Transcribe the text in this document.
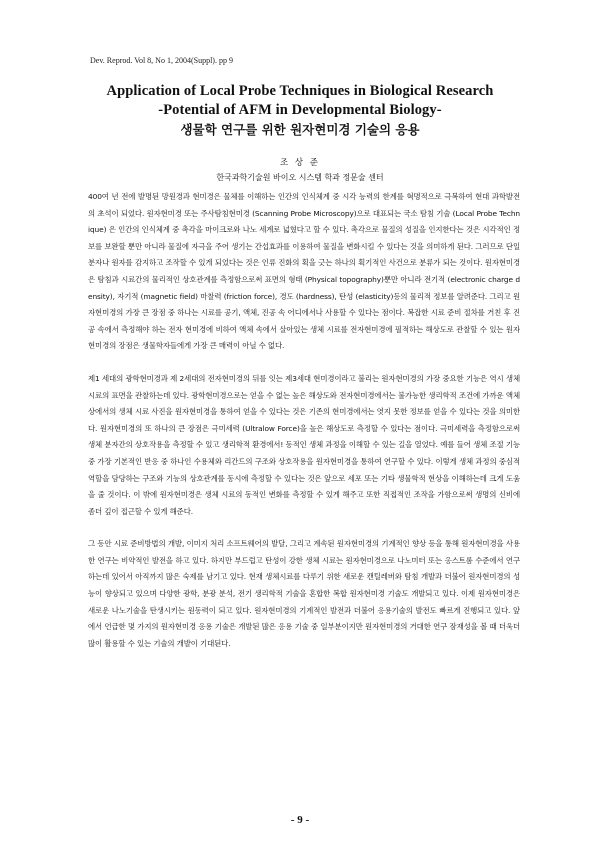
Dev. Reprod. Vol 8, No 1, 2004(Suppl). pp 9
Application of Local Probe Techniques in Biological Research
-Potential of AFM in Developmental Biology-
생물학 연구를 위한 원자현미경 기술의 응용
조 상 준
한국과학기술원 바이오 시스템 학과 정문술 센터

400여 년 전에 발명된 망원경과 현미경은 물체를 이해하는 인간의 인식체계 중 시각 능력의 한계를 혁명적으로 극복하여 현대 과학발전의 초석이 되었다. 원자현미경 또는 주사탐침현미경 (Scanning Probe Microscopy)으로 대표되는 국소 탐침 기술 (Local Probe Technique) 은 인간의 인식체계 중 촉각을 마이크로와 나노 세계로 넓혔다고 할 수 있다. 촉각으로 물질의 성질을 인지한다는 것은 시각적인 정보를 보완할 뿐만 아니라 물질에 자극을 주어 생기는 간섭효과를 이용하여 물질을 변화시킬 수 있다는 것을 의미하게 된다. 그러므로 단일 분자나 원자를 감지하고 조작할 수 있게 되었다는 것은 인류 진화의 획을 긋는 하나의 획기적인 사건으로 분류가 되는 것이다. 원자현미경은 탐침과 시료간의 물리적인 상호관계를 측정함으로써 표면의 형태 (Physical topography)뿐만 아니라 전기적 (electronic charge density), 자기적 (magnetic field) 마찰력 (friction force), 경도 (hardness), 탄성 (elasticity)등의 물리적 정보를 알려준다. 그리고 원자현미경의 가장 큰 장점 중 하나는 시료를 공기, 액체, 진공 속 어디에서나 사용할 수 있다는 점이다. 복잡한 시료 준비 절차를 거친 후 진공 속에서 측정해야 하는 전자 현미경에 비하여 액체 속에서 살아있는 생체 시료를 전자현미경에 필적하는 해상도로 관찰할 수 있는 원자현미경의 장점은 생물학자들에게 가장 큰 매력이 아닐 수 없다.

제1 세대의 광학현미경과 제 2세대의 전자현미경의 뒤를 잇는 제3세대 현미경이라고 불리는 원자현미경의 가장 중요한 기능은 역시 생체 시료의 표면을 관찰하는데 있다. 광학현미경으로는 얻을 수 없는 높은 해상도와 전자현미경에서는 불가능한 생리학적 조건에 가까운 액체상에서의 생체 시료 사진을 원자현미경을 통하여 얻을 수 있다는 것은 기존의 현미경에서는 엿지 못한 정보를 얻을 수 있다는 것을 의미한다. 원자현미경의 또 하나의 큰 장점은 극미세력 (Ultralow Force)을 높은 해상도로 측정할 수 있다는 점이다. 극미세력을 측정함으로써 생체 분자간의 상호작용을 측정할 수 있고 생리학적 환경에서! 동적인 생체 과정을 이해할 수 있는 길을 열었다. 예를 들어 생체 조절 기능 중 가장 기본적인 반응 중 하나인 수용체와 리간드의 구조와 상호작용을 원자현미경을 통하여 연구할 수 있다. 이렇게 생체 과정의 중심적 역할을 담당하는 구조와 기능의 상호관계를 동시에 측정할 수 있다는 것은 앞으로 세포 또는 기타 생물학적 현상을 이해하는데 크게 도움을 줄 것이다. 이 밖에 원자현미경은 생체 시료의 동적인 변화를 측정할 수 있게 해주고 또한 직접적인 조작을 가함으로써 생명의 신비에 좀더 깊이 접근할 수 있게 해준다.

그 동안 시료 준비방법의 개발, 이미지 처리 소프트웨어의 발달, 그리고 계속된 원자현미경의 기계적인 향상 등을 통해 원자현미경을 사용한 연구는 비약적인 발전을 하고 있다. 하지만 부드럽고 탄성이 강한 생체 시료는 원자현미경으로 나노미터 또는 옹스트롬 수준에서 연구하는데 있어서 아직까지 많은 숙제를 남기고 있다. 현재 생체시료를 다루기 위한 새로운 캔틸레버와 탐침 개발과 더불어 원자현미경의 성능이 향상되고 있으며 다양한 광학, 분광 분석, 전기 생리학적 기술을 혼합한 복합 원자현미경 기술도 개발되고 있다. 이제 원자현미경은 새로운 나노기술을 탄생시키는 원동력이 되고 있다. 원자현미경의 기계적인 발전과 더불어 응용기술의 발전도 빠르게 진행되고 있다. 앞에서 언급한 몇 가지의 원자현미경 응용 기술은 개발된 많은 응용 기술 중 일부분이지만 원자현미경의 거대한 연구 잠재성을 볼 때 더욱더 많이 활용할 수 있는 기술의 개발이 기대된다.

- 9 -
